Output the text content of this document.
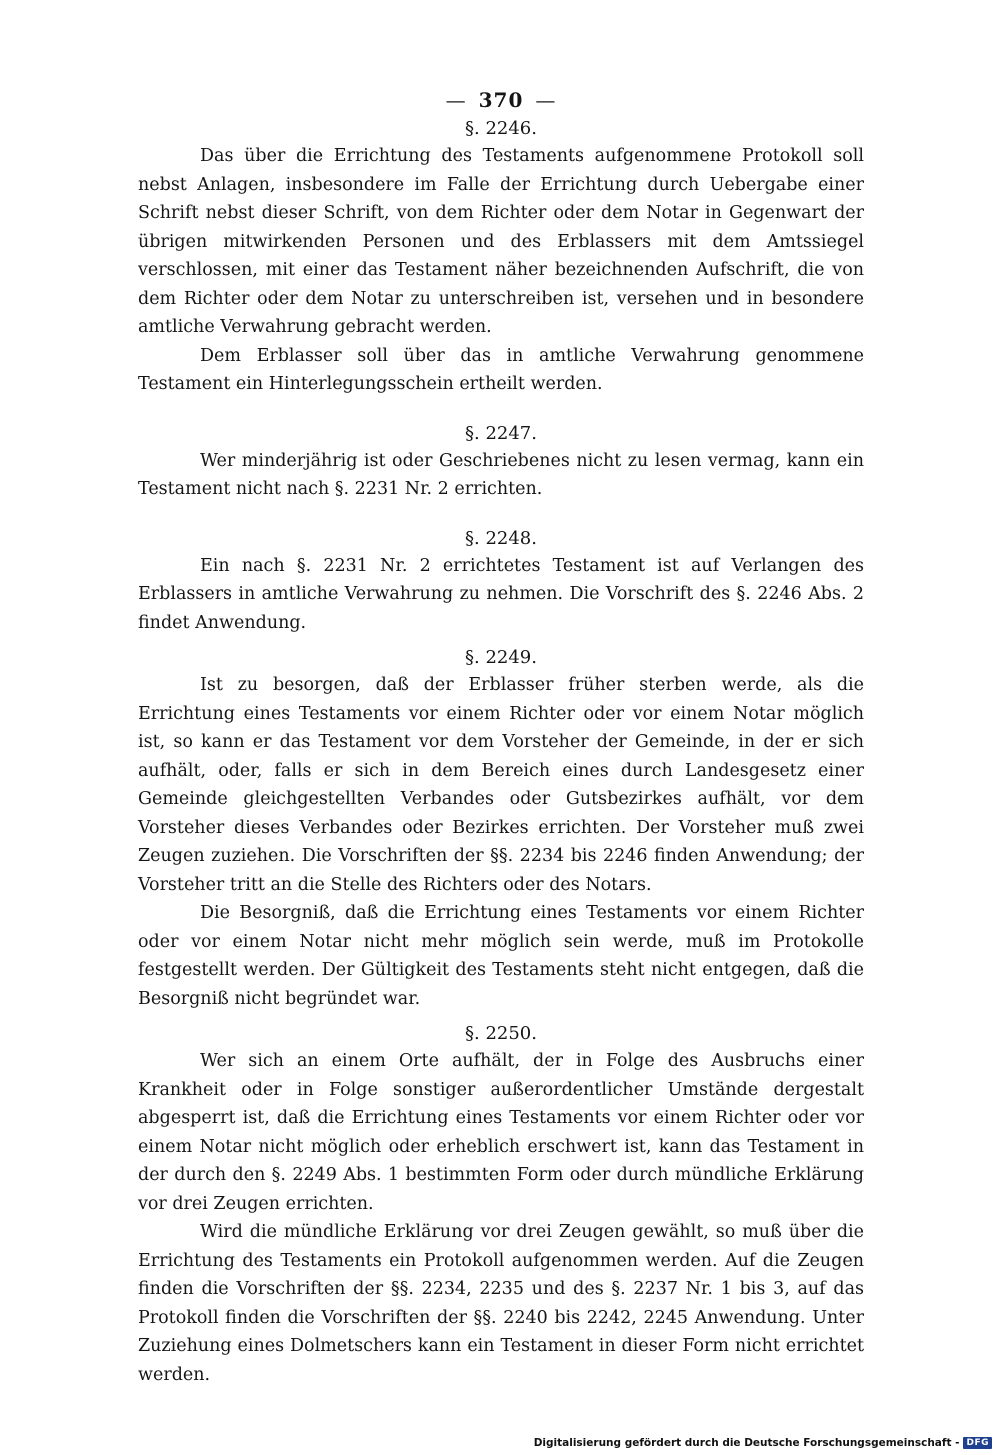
— 370 —
§. 2246.

Das über die Errichtung des Testaments aufgenommene Protokoll soll nebst Anlagen, insbesondere im Falle der Errichtung durch Uebergabe einer Schrift nebst dieser Schrift, von dem Richter oder dem Notar in Gegenwart der übrigen mitwirkenden Personen und des Erblassers mit dem Amtssiegel verschlossen, mit einer das Testament näher bezeichnenden Aufschrift, die von dem Richter oder dem Notar zu unterschreiben ist, versehen und in besondere amtliche Verwahrung gebracht werden.

Dem Erblasser soll über das in amtliche Verwahrung genommene Testament ein Hinterlegungsschein ertheilt werden.

§. 2247.

Wer minderjährig ist oder Geschriebenes nicht zu lesen vermag, kann ein Testament nicht nach §. 2231 Nr. 2 errichten.

§. 2248.

Ein nach §. 2231 Nr. 2 errichtetes Testament ist auf Verlangen des Erblassers in amtliche Verwahrung zu nehmen. Die Vorschrift des §. 2246 Abs. 2 findet Anwendung.

§. 2249.

Ist zu besorgen, daß der Erblasser früher sterben werde, als die Errichtung eines Testaments vor einem Richter oder vor einem Notar möglich ist, so kann er das Testament vor dem Vorsteher der Gemeinde, in der er sich aufhält, oder, falls er sich in dem Bereich eines durch Landesgesetz einer Gemeinde gleichgestellten Verbandes oder Gutsbezirkes aufhält, vor dem Vorsteher dieses Verbandes oder Bezirkes errichten. Der Vorsteher muß zwei Zeugen zuziehen. Die Vorschriften der §§. 2234 bis 2246 finden Anwendung; der Vorsteher tritt an die Stelle des Richters oder des Notars.

Die Besorgniß, daß die Errichtung eines Testaments vor einem Richter oder vor einem Notar nicht mehr möglich sein werde, muß im Protokolle festgestellt werden. Der Gültigkeit des Testaments steht nicht entgegen, daß die Besorgniß nicht begründet war.

§. 2250.

Wer sich an einem Orte aufhält, der in Folge des Ausbruchs einer Krankheit oder in Folge sonstiger außerordentlicher Umstände dergestalt abgesperrt ist, daß die Errichtung eines Testaments vor einem Richter oder vor einem Notar nicht möglich oder erheblich erschwert ist, kann das Testament in der durch den §. 2249 Abs. 1 bestimmten Form oder durch mündliche Erklärung vor drei Zeugen errichten.

Wird die mündliche Erklärung vor drei Zeugen gewählt, so muß über die Errichtung des Testaments ein Protokoll aufgenommen werden. Auf die Zeugen finden die Vorschriften der §§. 2234, 2235 und des §. 2237 Nr. 1 bis 3, auf das Protokoll finden die Vorschriften der §§. 2240 bis 2242, 2245 Anwendung. Unter Zuziehung eines Dolmetschers kann ein Testament in dieser Form nicht errichtet werden.

Digitalisierung gefördert durch die Deutsche Forschungsgemeinschaft - DFG
